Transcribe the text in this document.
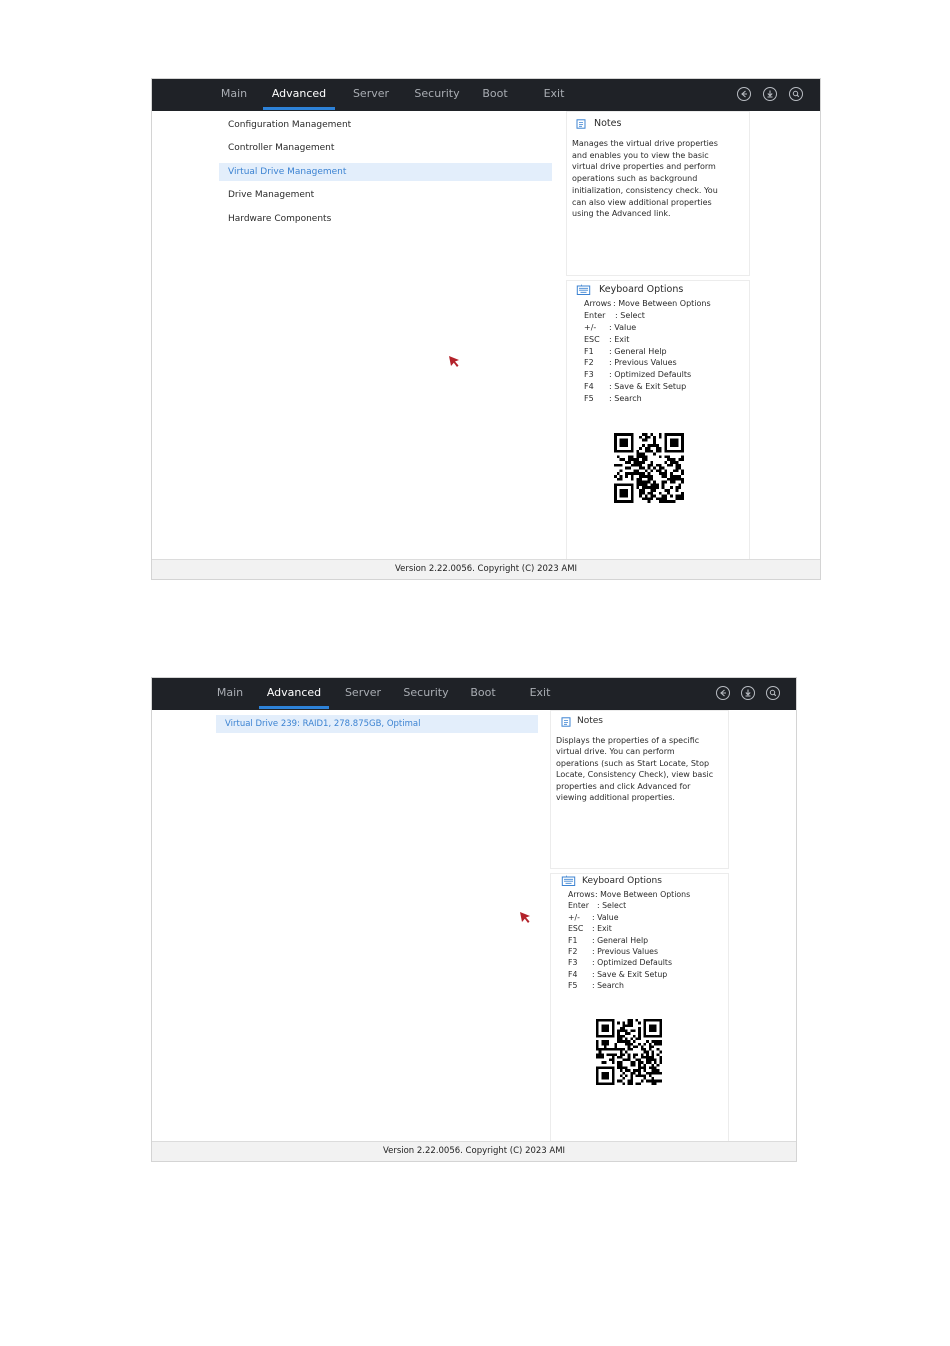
Main	Advanced	Server	Security	Boot	Exit
Configuration Management
Controller Management
Virtual Drive Management
Drive Management
Hardware Components
Notes
Manages the virtual drive properties
and enables you to view the basic
virtual drive properties and perform
operations such as background
initialization, consistency check. You
can also view additional properties
using the Advanced link.
Keyboard Options
Arrows : Move Between Options
Enter : Select
+/- : Value
ESC : Exit
F1 : General Help
F2 : Previous Values
F3 : Optimized Defaults
F4 : Save & Exit Setup
F5 : Search
Version 2.22.0056. Copyright (C) 2023 AMI
Main	Advanced	Server	Security	Boot	Exit
Virtual Drive 239: RAID1, 278.875GB, Optimal	Notes
Displays the properties of a specific
virtual drive. You can perform
operations (such as Start Locate, Stop
Locate, Consistency Check), view basic
properties and click Advanced for
viewing additional properties.
Keyboard Options
Arrows : Move Between Options
Enter : Select
+/- : Value
ESC : Exit
F1 : General Help
F2 : Previous Values
F3 : Optimized Defaults
F4 : Save & Exit Setup
F5 : Search
Version 2.22.0056. Copyright (C) 2023 AMI
